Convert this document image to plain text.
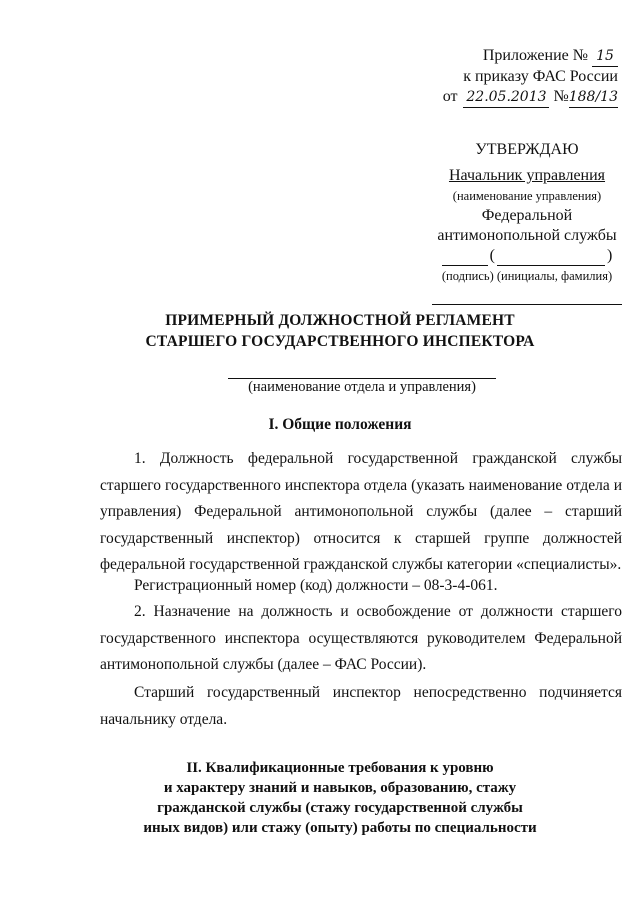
Приложение № 15
к приказу ФАС России
от 22.05.2013 №188/13
УТВЕРЖДАЮ
Начальник управления
(наименование управления)
Федеральной
антимонопольной службы
(	)
(подпись) (инициалы, фамилия)
ПРИМЕРНЫЙ ДОЛЖНОСТНОЙ РЕГЛАМЕНТ
СТАРШЕГО ГОСУДАРСТВЕННОГО ИНСПЕКТОРА
(наименование отдела и управления)
I. Общие положения
1. Должность федеральной государственной гражданской службы старшего государственного инспектора отдела (указать наименование отдела и управления) Федеральной антимонопольной службы (далее – старший государственный инспектор) относится к старшей группе должностей федеральной государственной гражданской службы категории «специалисты».
Регистрационный номер (код) должности – 08-3-4-061.
2. Назначение на должность и освобождение от должности старшего государственного инспектора осуществляются руководителем Федеральной антимонопольной службы (далее – ФАС России).
Старший государственный инспектор непосредственно подчиняется начальнику отдела.
II. Квалификационные требования к уровню
и характеру знаний и навыков, образованию, стажу
гражданской службы (стажу государственной службы
иных видов) или стажу (опыту) работы по специальности
